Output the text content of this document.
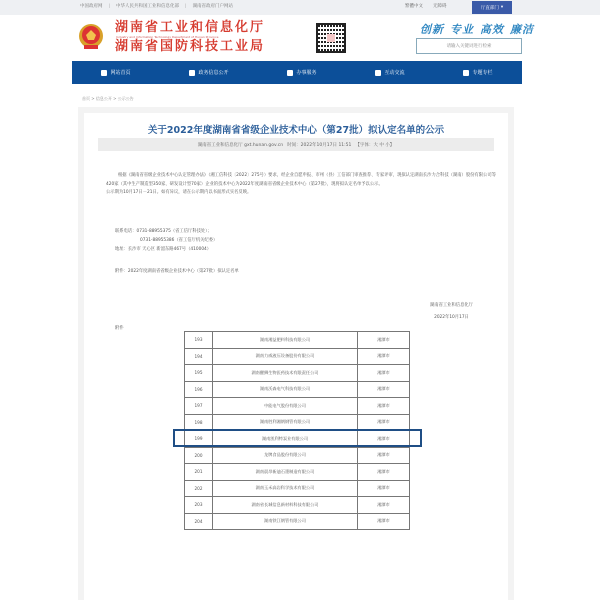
中国政府网 | 中华人民共和国工业和信息化部 | 湖南省政府门户网站	繁體中文 无障碍	厅直部门 ▾
湖南省工业和信息化厅
Industry and Information Technology Department of Hunan Province
湖南省国防科技工业局
创新 专业 高效 廉洁
请输入关键词进行检索
网站首页	政务信息公开	办事服务	互动交流	专题专栏
首页 > 信息公开 > 公示公告
关于2022年度湖南省省级企业技术中心（第27批）拟认定名单的公示
湖南省工业和信息化厅 gxt.hunan.gov.cn 时间：2022年10月17日 11:51 【字体：大 中 小】

根据《湖南省省级企业技术中心认定管理办法》（湘工信科技〔2022〕275号）要求，经企业自愿申报、市州（县）工信部门审查推荐、专家评审，现拟认定湖南长沙力合科技（湖南）股份有限公司等420家（其中生产制造型350家、研发设计型70家）企业的技术中心为2022年度湖南省省级企业技术中心（第27批），现将拟认定名单予以公示。

公示期为10月17日－21日。如有异议，请在公示期内以书面形式实名反映。

联系电话：0731-88955375（省工信厅科技处）；
0731-88955386（省工信厅机关纪委）
地址：长沙市 天心区 新韶东路467号（410004）
附件：2022年度湖南省省级企业技术中心（第27批）拟认定名单
湖南省工业和信息化厅
2022年10月17日
附件
193	湖南湘益肥料科技有限公司	湘潭市
194	湖南力威液压设备股份有限公司	湘潭市
195	湖南醒狮生物医药技术有限责任公司	湘潭市
196	湖南沃森电气科技有限公司	湘潭市
197	中能电气股份有限公司	湘潭市
198	湖南胜利湘钢钢管有限公司	湘潭市
199	湖南凯利特泵业有限公司	湘潭市
200	龙牌食品股份有限公司	湘潭市
201	湖南晨昂新迪石墨制造有限公司	湘潭市
202	湖南玉禾高岩科学技术有限公司	湘潭市
203	湖南省长城信息新材料科技有限公司	湘潭市
204	湖南铁江钢管有限公司	湘潭市
